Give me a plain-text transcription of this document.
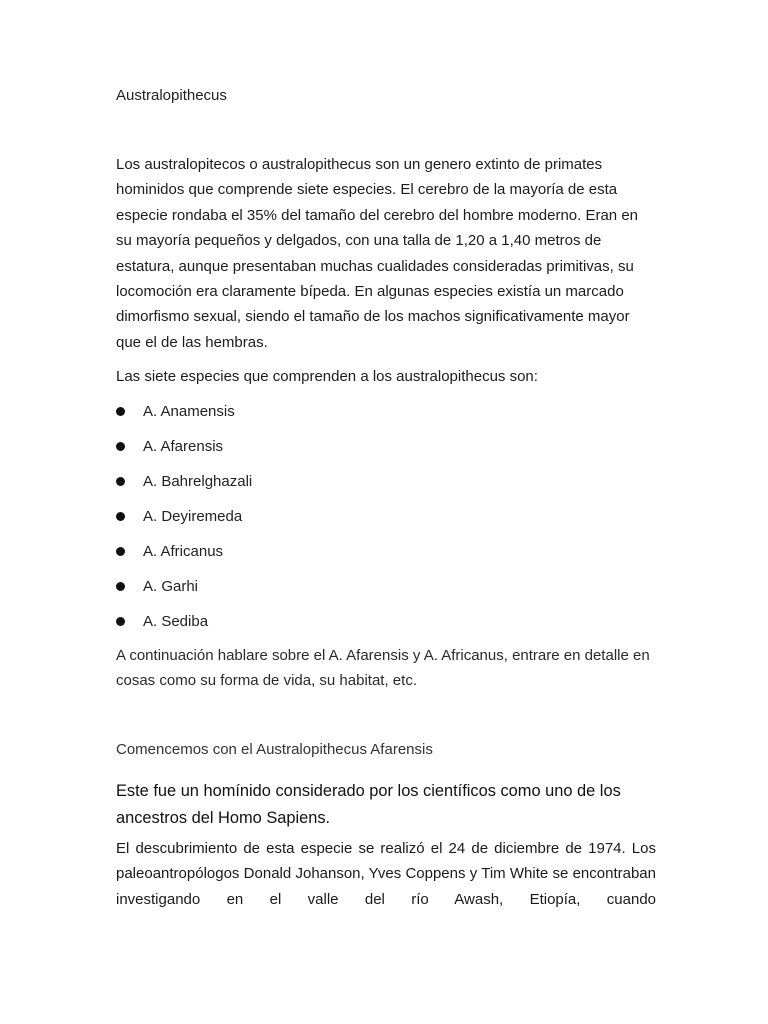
Australopithecus

Los australopitecos o australopithecus son un genero extinto de primates hominidos que comprende siete especies. El cerebro de la mayoría de esta especie rondaba el 35% del tamaño del cerebro del hombre moderno. Eran en su mayoría pequeños y delgados, con una talla de 1,20 a 1,40 metros de estatura, aunque presentaban muchas cualidades consideradas primitivas, su locomoción era claramente bípeda. En algunas especies existía un marcado dimorfismo sexual, siendo el tamaño de los machos significativamente mayor que el de las hembras.

Las siete especies que comprenden a los australopithecus son:

A. Anamensis
A. Afarensis
A. Bahrelghazali
A. Deyiremeda
A. Africanus
A. Garhi
A. Sediba

A continuación hablare sobre el A. Afarensis y A. Africanus, entrare en detalle en cosas como su forma de vida, su habitat, etc.

Comencemos con el Australopithecus Afarensis

Este fue un homínido considerado por los científicos como uno de los ancestros del Homo Sapiens.

El descubrimiento de esta especie se realizó el 24 de diciembre de 1974. Los paleoantropólogos Donald Johanson, Yves Coppens y Tim White se encontraban investigando en el valle del río Awash, Etiopía, cuando
